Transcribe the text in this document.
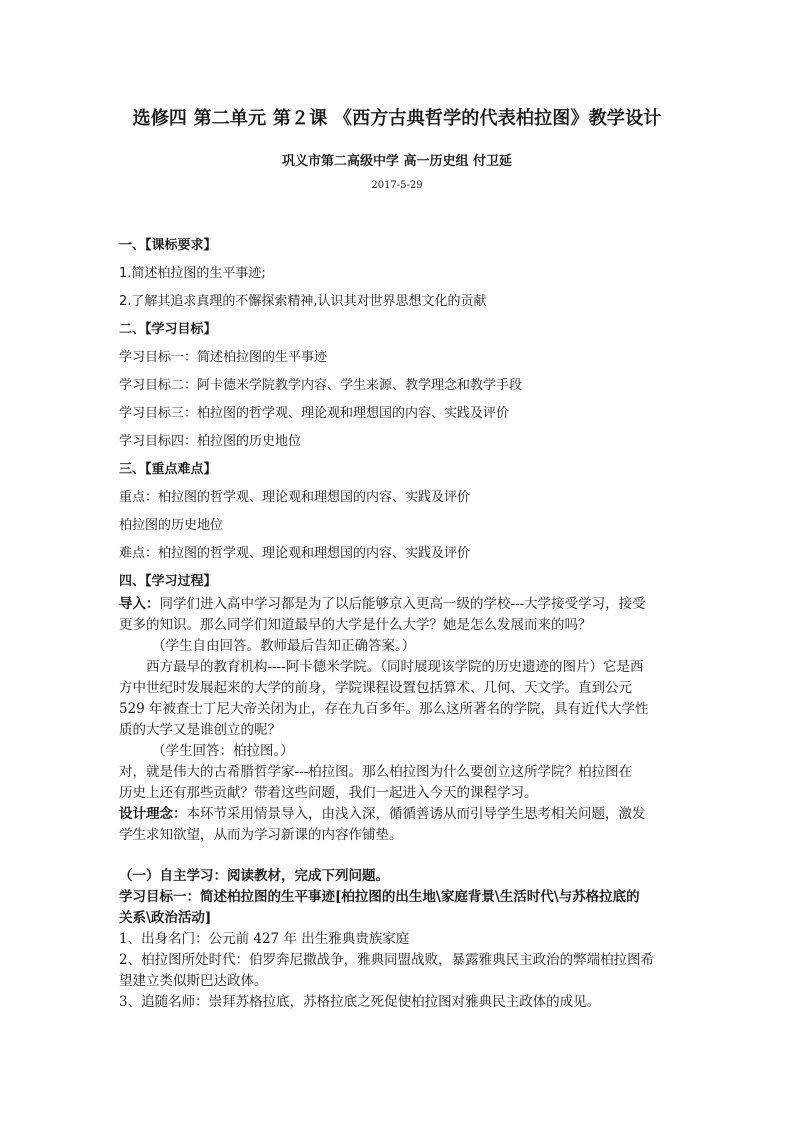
选修四 第二单元 第２课 《西方古典哲学的代表柏拉图》教学设计
巩义市第二高级中学 高一历史组 付卫延
2017-5-29
一、【课标要求】
1.简述柏拉图的生平事迹;
2.了解其追求真理的不懈探索精神,认识其对世界思想文化的贡献
二、【学习目标】
学习目标一：简述柏拉图的生平事迹
学习目标二：阿卡德米学院教学内容、学生来源、教学理念和教学手段
学习目标三：柏拉图的哲学观、理论观和理想国的内容、实践及评价
学习目标四：柏拉图的历史地位
三、【重点难点】
重点：柏拉图的哲学观、理论观和理想国的内容、实践及评价
柏拉图的历史地位
难点：柏拉图的哲学观、理论观和理想国的内容、实践及评价
四、【学习过程】
导入：同学们进入高中学习都是为了以后能够京入更高一级的学校---大学接受学习，接受
更多的知识。那么同学们知道最早的大学是什么大学？她是怎么发展而来的吗？
（学生自由回答。教师最后告知正确答案。）
西方最早的教育机构----阿卡德米学院。（同时展现该学院的历史遗迹的图片）它是西
方中世纪时发展起来的大学的前身，学院课程设置包括算术、几何、天文学。直到公元
529 年被查士丁尼大帝关闭为止，存在九百多年。那么这所著名的学院，具有近代大学性
质的大学又是谁创立的呢？
（学生回答：柏拉图。）
对，就是伟大的古希腊哲学家---柏拉图。那么柏拉图为什么要创立这所学院？柏拉图在
历史上还有那些贡献？带着这些问题，我们一起进入今天的课程学习。
设计理念：本环节采用情景导入，由浅入深，循循善诱从而引导学生思考相关问题，激发
学生求知欲望，从而为学习新课的内容作铺垫。
（一）自主学习：阅读教材，完成下列问题。
学习目标一：简述柏拉图的生平事迹[柏拉图的出生地\家庭背景\生活时代\与苏格拉底的
关系\政治活动]
1、出身名门：公元前 427 年 出生雅典贵族家庭
2、柏拉图所处时代：伯罗奔尼撒战争，雅典同盟战败，暴露雅典民主政治的弊端柏拉图希
望建立类似斯巴达政体。
3、追随名师：崇拜苏格拉底，苏格拉底之死促使柏拉图对雅典民主政体的成见。
